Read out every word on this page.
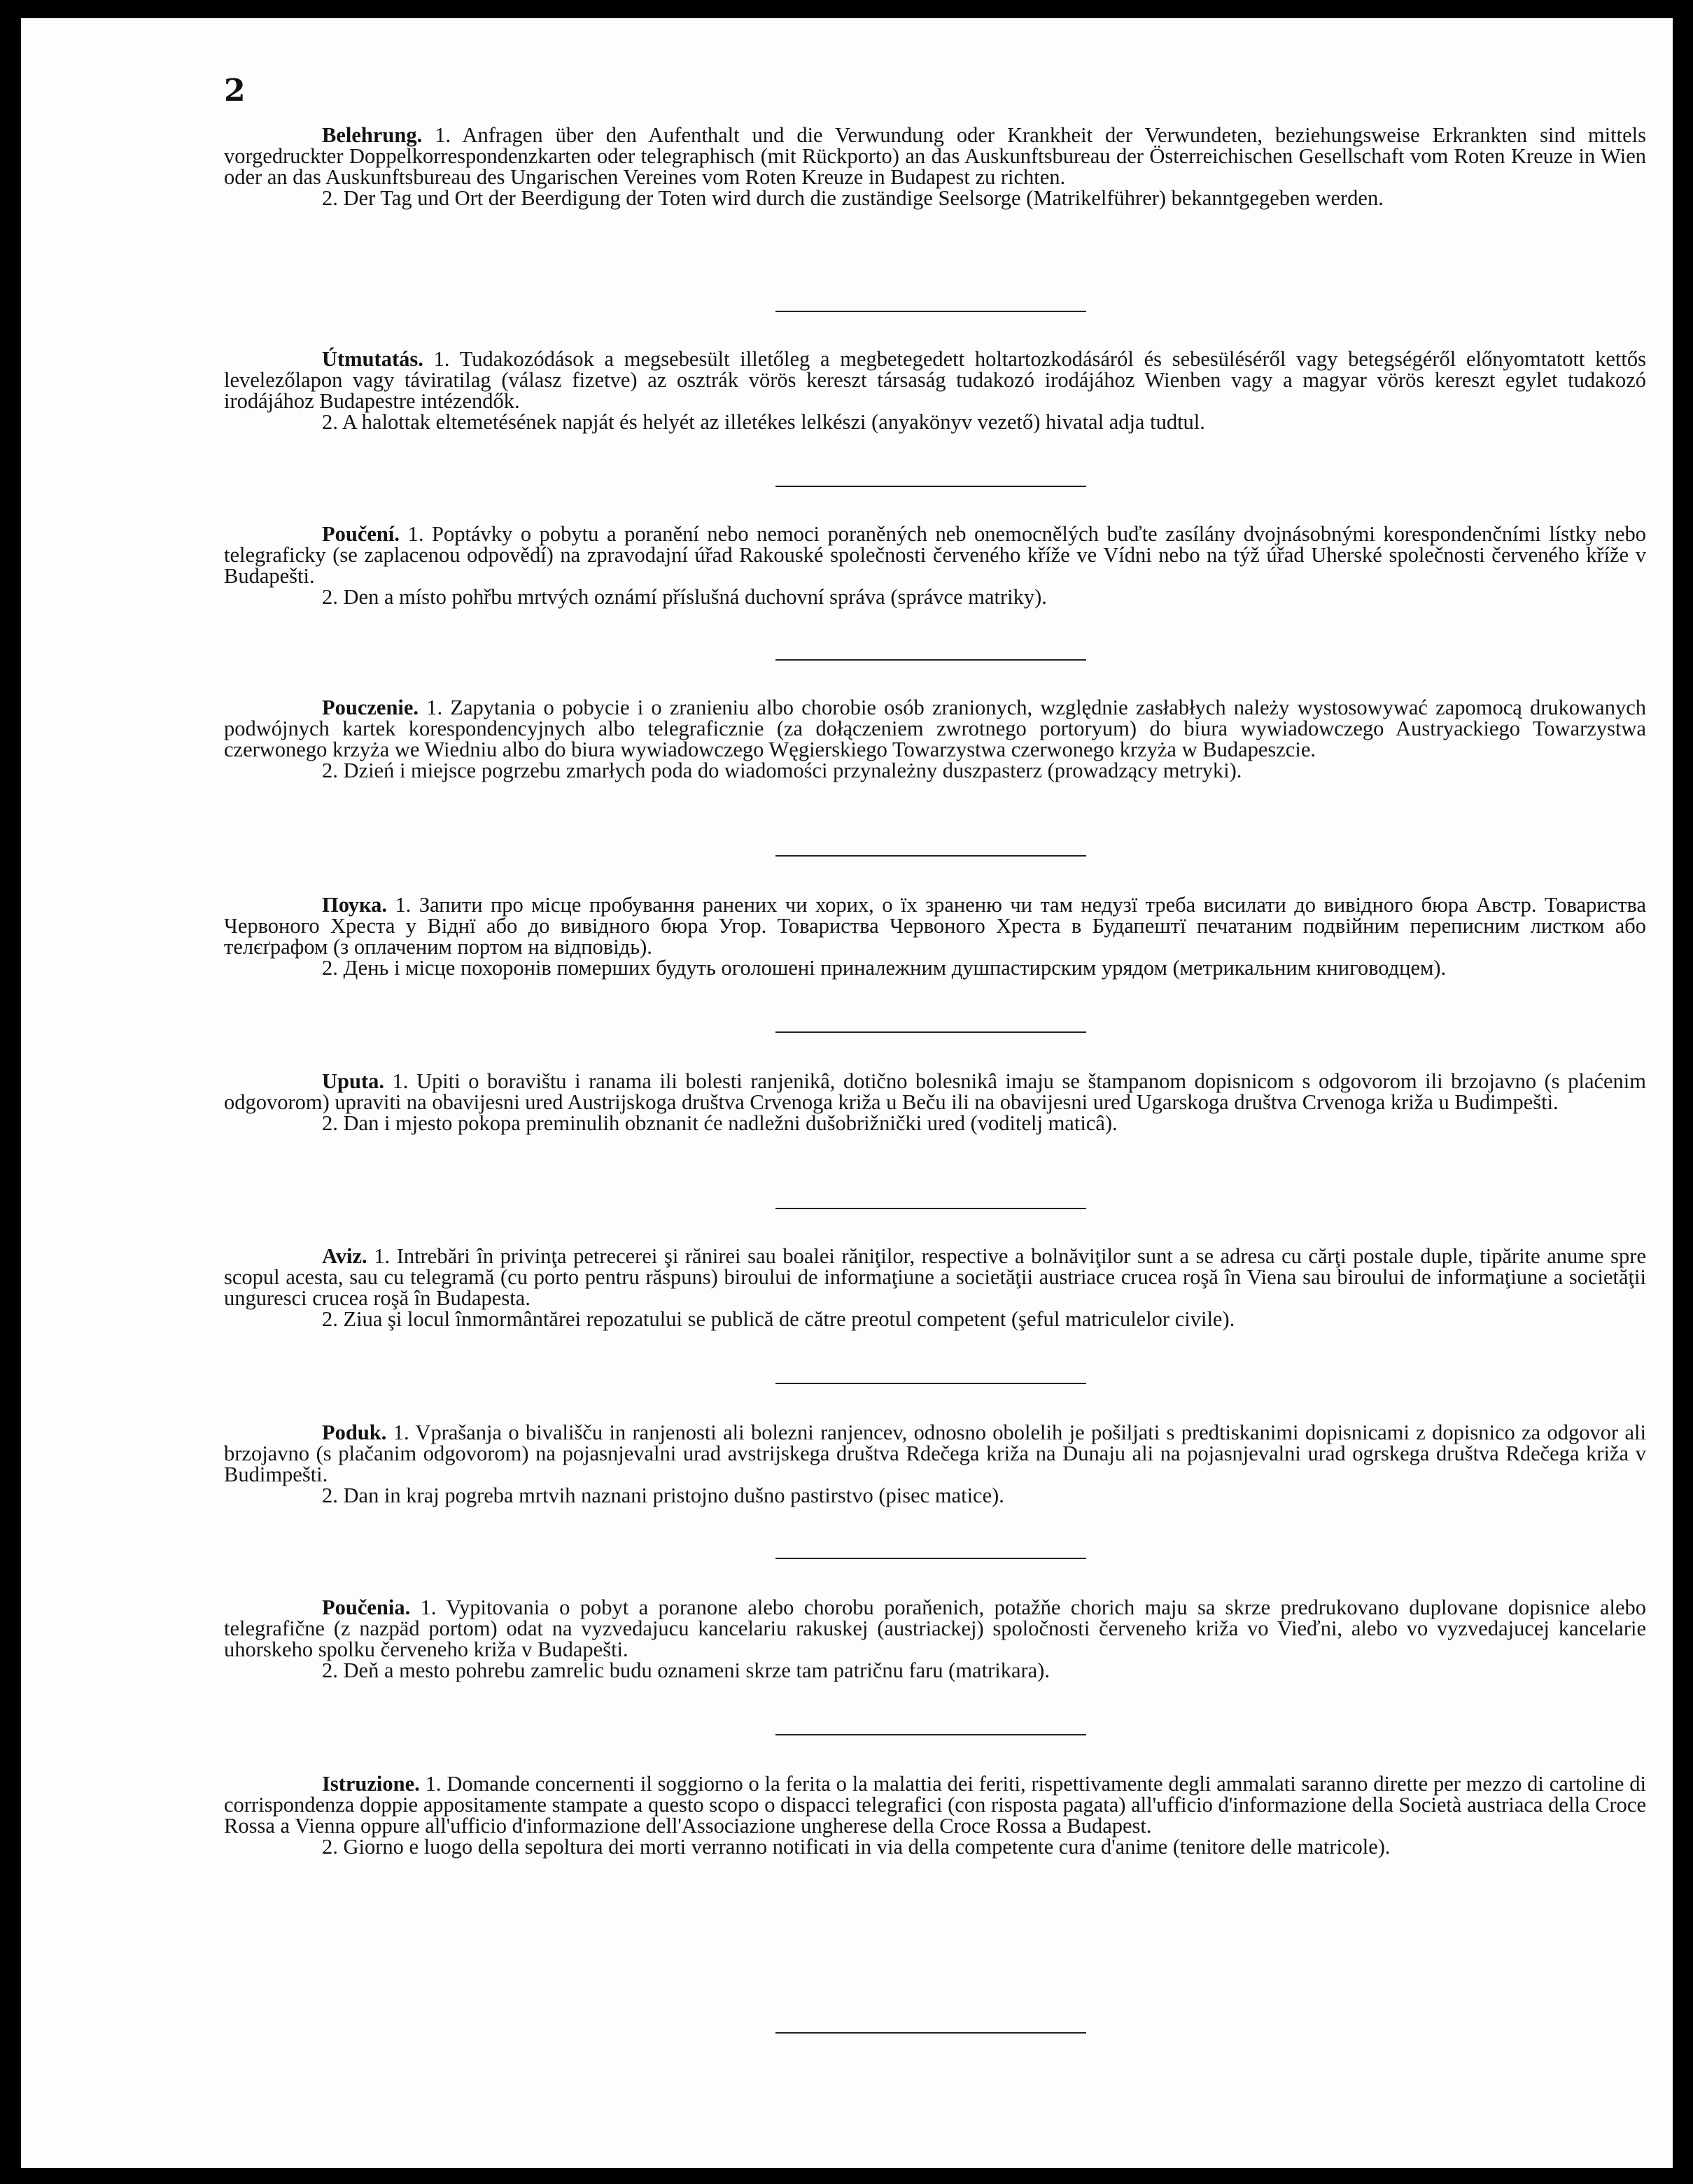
2

Belehrung. 1. Anfragen über den Aufenthalt und die Verwundung oder Krankheit der Verwundeten, beziehungsweise Erkrankten sind mittels vorgedruckter Doppelkorrespondenzkarten oder telegraphisch (mit Rückporto) an das Auskunftsbureau der Österreichischen Gesellschaft vom Roten Kreuze in Wien oder an das Auskunftsbureau des Ungarischen Vereines vom Roten Kreuze in Budapest zu richten.

2. Der Tag und Ort der Beerdigung der Toten wird durch die zuständige Seelsorge (Matrikelführer) bekanntgegeben werden.

Útmutatás. 1. Tudakozódások a megsebesült illetőleg a megbetegedett holtartozkodásáról és sebesüléséről vagy betegségéről előnyomtatott kettős levelezőlapon vagy táviratilag (válasz fizetve) az osztrák vörös kereszt társaság tudakozó irodájához Wienben vagy a magyar vörös kereszt egylet tudakozó irodájához Budapestre intézendők.

2. A halottak eltemetésének napját és helyét az illetékes lelkészi (anyakönyv vezető) hivatal adja tudtul.

Poučení. 1. Poptávky o pobytu a poranění nebo nemoci poraněných neb onemocnělých buďte zasílány dvojnásobnými korespondenčními lístky nebo telegraficky (se zaplacenou odpovědí) na zpravodajní úřad Rakouské společnosti červeného kříže ve Vídni nebo na týž úřad Uherské společnosti červeného kříže v Budapešti.

2. Den a místo pohřbu mrtvých oznámí příslušná duchovní správa (správce matriky).

Pouczenie. 1. Zapytania o pobycie i o zranieniu albo chorobie osób zranionych, względnie zasłabłych należy wystosowywać zapomocą drukowanych podwójnych kartek korespondencyjnych albo telegraficznie (za dołączeniem zwrotnego portoryum) do biura wywiadowczego Austryackiego Towarzystwa czerwonego krzyża we Wiedniu albo do biura wywiadowczego Węgierskiego Towarzystwa czerwonego krzyża w Budapeszcie.

2. Dzień i miejsce pogrzebu zmarłych poda do wiadomości przynależny duszpasterz (prowadzący metryki).

Поука. 1. Запити про місце пробування ранених чи хорих, о їх зраненю чи там недузї треба висилати до вивідного бюра Австр. Товариства Червоного Хреста у Віднї або до вивідного бюра Угор. Товариства Червоного Хреста в Будапештї печатаним подвійним переписним листком або телєґрафом (з оплаченим портом на відповідь).

2. День і місце похоронів померших будуть оголошені приналежним душпастирским урядом (метрикальним книговодцем).

Uputa. 1. Upiti o boravištu i ranama ili bolesti ranjenikâ, dotično bolesnikâ imaju se štampanom dopisnicom s odgovorom ili brzojavno (s plaćenim odgovorom) upraviti na obavijesni ured Austrijskoga društva Crvenoga križa u Beču ili na obavijesni ured Ugarskoga društva Crvenoga križa u Budimpešti.

2. Dan i mjesto pokopa preminulih obznanit će nadležni dušobrižnički ured (voditelj maticâ).

Aviz. 1. Intrebări în privinţa petrecerei şi rănirei sau boalei răniţilor, respective a bolnăviţilor sunt a se adresa cu cărţi postale duple, tipărite anume spre scopul acesta, sau cu telegramă (cu porto pentru răspuns) biroului de informaţiune a societăţii austriace crucea roşă în Viena sau biroului de informaţiune a societăţii ungurescі crucea roşă în Budapesta.

2. Ziua şi locul înmormântărei repozatului se publică de către preotul competent (şeful matriculelor civile).

Poduk. 1. Vprašanja o bivališču in ranjenosti ali bolezni ranjencev, odnosno obolelih je pošiljati s predtiskanimi dopisnicami z dopisnico za odgovor ali brzojavno (s plačanim odgovorom) na pojasnjevalni urad avstrijskega društva Rdečega križa na Dunaju ali na pojasnjevalni urad ogrskega društva Rdečega križa v Budimpešti.

2. Dan in kraj pogreba mrtvih naznani pristojno dušno pastirstvo (pisec matice).

Poučenia. 1. Vypitovania o pobyt a poranone alebo chorobu poraňenich, potažňe chorich maju sa skrze predrukovano duplovane dopisnice alebo telegrafične (z nazpäd portom) odat na vyzvedajucu kancelariu rakuskej (austriackej) spoločnosti červeneho križa vo Vieďni, alebo vo vyzvedajucej kancelarie uhorskeho spolku červeneho križa v Budapešti.

2. Deň a mesto pohrebu zamrelic budu oznameni skrze tam patričnu faru (matrikara).

Istruzione. 1. Domande concernenti il soggiorno o la ferita o la malattia dei feriti, rispettivamente degli ammalati saranno dirette per mezzo di cartoline di corrispondenza doppie appositamente stampate a questo scopo o dispacci telegrafici (con risposta pagata) all'ufficio d'informazione della Società austriaca della Croce Rossa a Vienna oppure all'ufficio d'informazione dell'Associazione ungherese della Croce Rossa a Budapest.

2. Giorno e luogo della sepoltura dei morti verranno notificati in via della competente cura d'anime (tenitore delle matricole).
